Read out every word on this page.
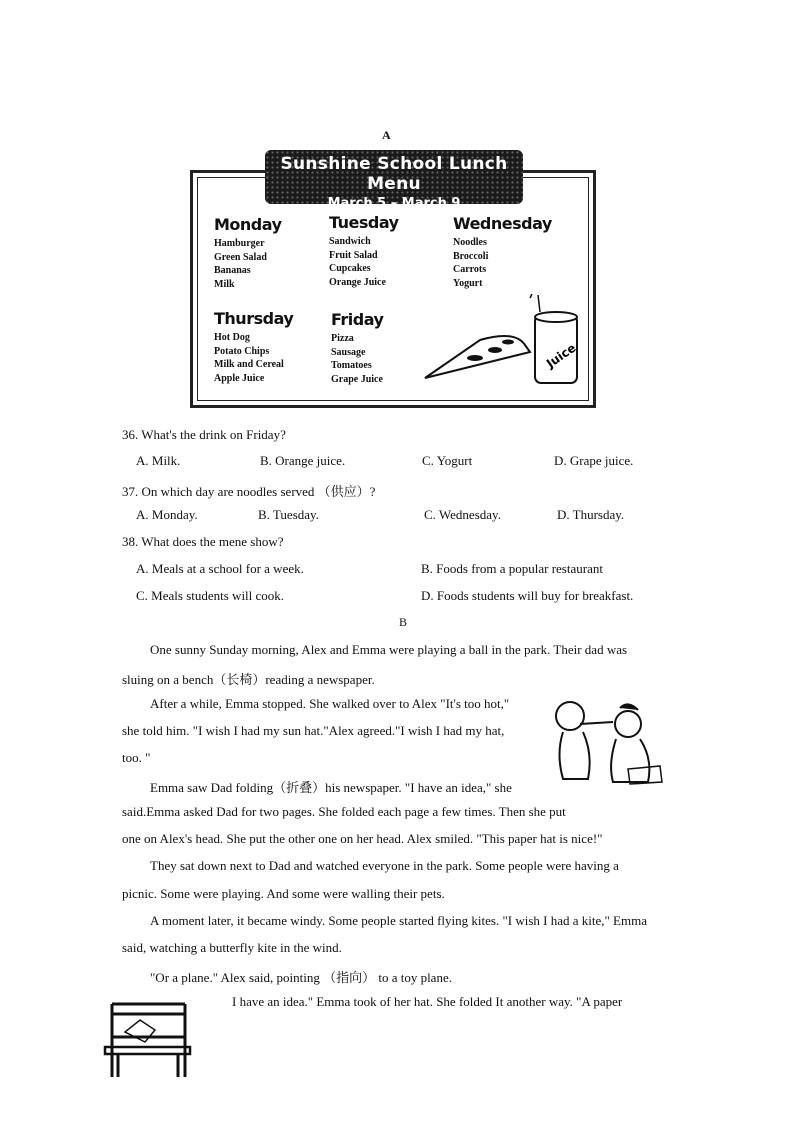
A
Sunshine School Lunch Menu
March 5 – March 9
Monday
Hamburger
Green Salad
Bananas
Milk
Tuesday
Sandwich
Fruit Salad
Cupcakes
Orange Juice
Wednesday
Noodles
Broccoli
Carrots
Yogurt
Thursday
Hot Dog
Potato Chips
Milk and Cereal
Apple Juice
Friday
Pizza
Sausage
Tomatoes
Grape Juice
Juice
36. What's the drink on Friday?
A. Milk.	B. Orange juice.	C. Yogurt	D. Grape juice.
37. On which day are noodles served （供应）?
A. Monday.	B. Tuesday.	C. Wednesday.	D. Thursday.
38. What does the mene show?
A. Meals at a school for a week.	B. Foods from a popular restaurant
C. Meals students will cook.	D. Foods students will buy for breakfast.
B
One sunny Sunday morning, Alex and Emma were playing a ball in the park. Their dad was
sluing on a bench（长椅）reading a newspaper.
After a while, Emma stopped. She walked over to Alex "It's too hot,"
she told him. "I wish I had my sun hat."Alex agreed."I wish I had my hat,
too. "
Emma saw Dad folding（折叠）his newspaper. "I have an idea," she
said.Emma asked Dad for two pages. She folded each page a few times. Then she put
one on Alex's head. She put the other one on her head. Alex smiled. "This paper hat is nice!"
They sat down next to Dad and watched everyone in the park. Some people were having a
picnic. Some were playing. And some were walling their pets.
A moment later, it became windy. Some people started flying kites. "I wish I had a kite," Emma
said, watching a butterfly kite in the wind.
"Or a plane." Alex said, pointing （指向） to a toy plane.
I have an idea." Emma took of her hat. She folded It another way. "A paper
